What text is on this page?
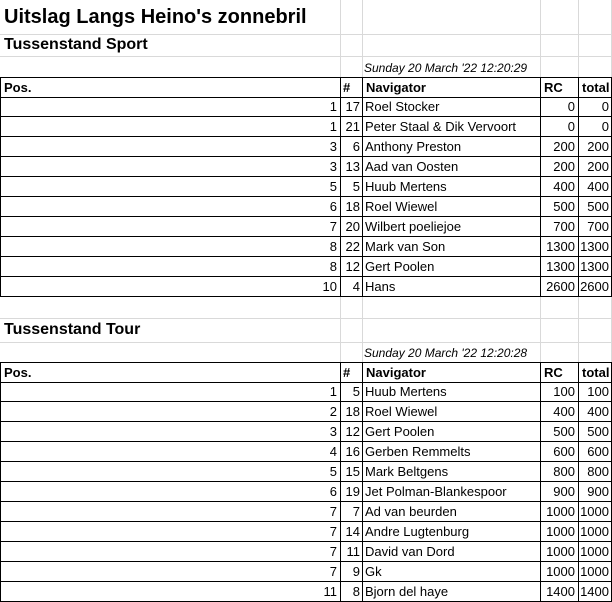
Uitslag Langs Heino's zonnebril
Tussenstand Sport
Sunday 20 March '22 12:20:29
Pos.	#	Navigator	RC	total
1 17 Roel Stocker	0	0
1 21 Peter Staal & Dik Vervoort	0	0
3	6 Anthony Preston	200 200
3 13 Aad van Oosten	200 200
5	5 Huub Mertens	400 400
6 18 Roel Wiewel	500 500
7 20 Wilbert poeliejoe	700 700
8 22 Mark van Son	1300 1300
8 12 Gert Poolen	1300 1300
10	4 Hans	2600 2600
Tussenstand Tour
Sunday 20 March '22 12:20:28
Pos.	#	Navigator	RC	total
1	5 Huub Mertens	100 100
2 18 Roel Wiewel	400 400
3 12 Gert Poolen	500 500
4 16 Gerben Remmelts	600 600
5 15 Mark Beltgens	800 800
6 19 Jet Polman-Blankespoor	900 900
7	7 Ad van beurden	1000 1000
7 14 Andre Lugtenburg	1000 1000
7 11 David van Dord	1000 1000
7	9 Gk	1000 1000
11	8 Bjorn del haye	1400 1400
